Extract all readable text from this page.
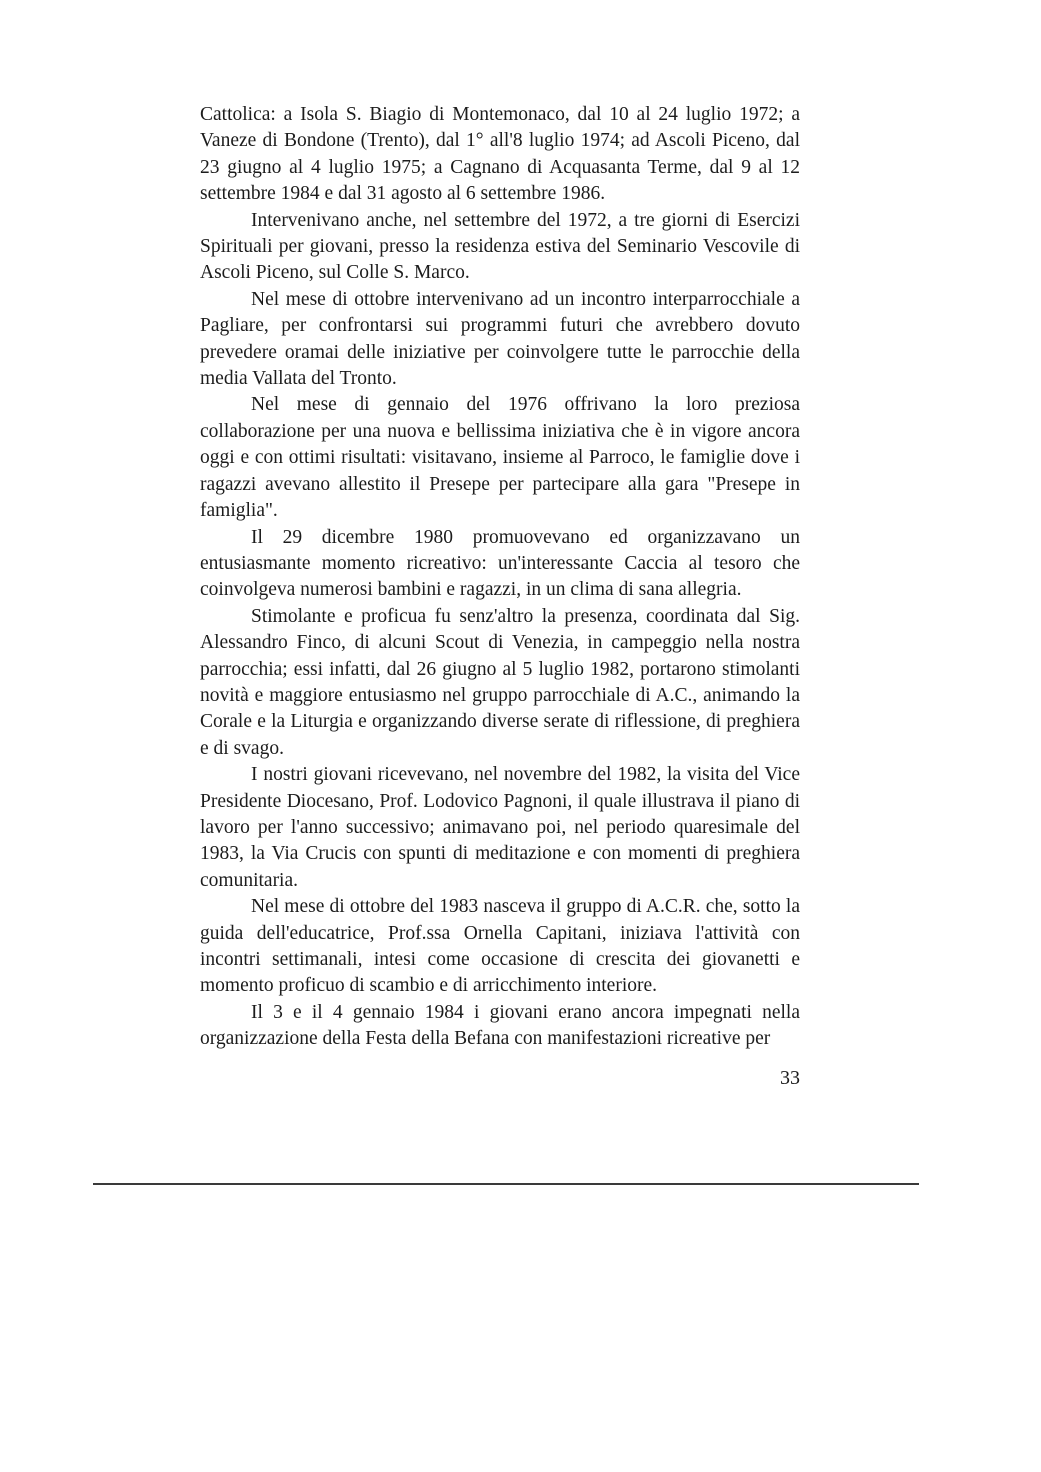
Cattolica: a Isola S. Biagio di Montemonaco, dal 10 al 24 luglio 1972; a Vaneze di Bondone (Trento), dal 1° all'8 luglio 1974; ad Ascoli Piceno, dal 23 giugno al 4 luglio 1975; a Cagnano di Acquasanta Terme, dal 9 al 12 settembre 1984 e dal 31 agosto al 6 settembre 1986.

Intervenivano anche, nel settembre del 1972, a tre giorni di Esercizi Spirituali per giovani, presso la residenza estiva del Seminario Vescovile di Ascoli Piceno, sul Colle S. Marco.

Nel mese di ottobre intervenivano ad un incontro interparrocchiale a Pagliare, per confrontarsi sui programmi futuri che avrebbero dovuto prevedere oramai delle iniziative per coinvolgere tutte le parrocchie della media Vallata del Tronto.

Nel mese di gennaio del 1976 offrivano la loro preziosa collaborazione per una nuova e bellissima iniziativa che è in vigore ancora oggi e con ottimi risultati: visitavano, insieme al Parroco, le famiglie dove i ragazzi avevano allestito il Presepe per partecipare alla gara "Presepe in famiglia".

Il 29 dicembre 1980 promuovevano ed organizzavano un entusiasmante momento ricreativo: un'interessante Caccia al tesoro che coinvolgeva numerosi bambini e ragazzi, in un clima di sana allegria.

Stimolante e proficua fu senz'altro la presenza, coordinata dal Sig. Alessandro Finco, di alcuni Scout di Venezia, in campeggio nella nostra parrocchia; essi infatti, dal 26 giugno al 5 luglio 1982, portarono stimolanti novità e maggiore entusiasmo nel gruppo parrocchiale di A.C., animando la Corale e la Liturgia e organizzando diverse serate di riflessione, di preghiera e di svago.

I nostri giovani ricevevano, nel novembre del 1982, la visita del Vice Presidente Diocesano, Prof. Lodovico Pagnoni, il quale illustrava il piano di lavoro per l'anno successivo; animavano poi, nel periodo quaresimale del 1983, la Via Crucis con spunti di meditazione e con momenti di preghiera comunitaria.

Nel mese di ottobre del 1983 nasceva il gruppo di A.C.R. che, sotto la guida dell'educatrice, Prof.ssa Ornella Capitani, iniziava l'attività con incontri settimanali, intesi come occasione di crescita dei giovanetti e momento proficuo di scambio e di arricchimento interiore.

Il 3 e il 4 gennaio 1984 i giovani erano ancora impegnati nella organizzazione della Festa della Befana con manifestazioni ricreative per

33
